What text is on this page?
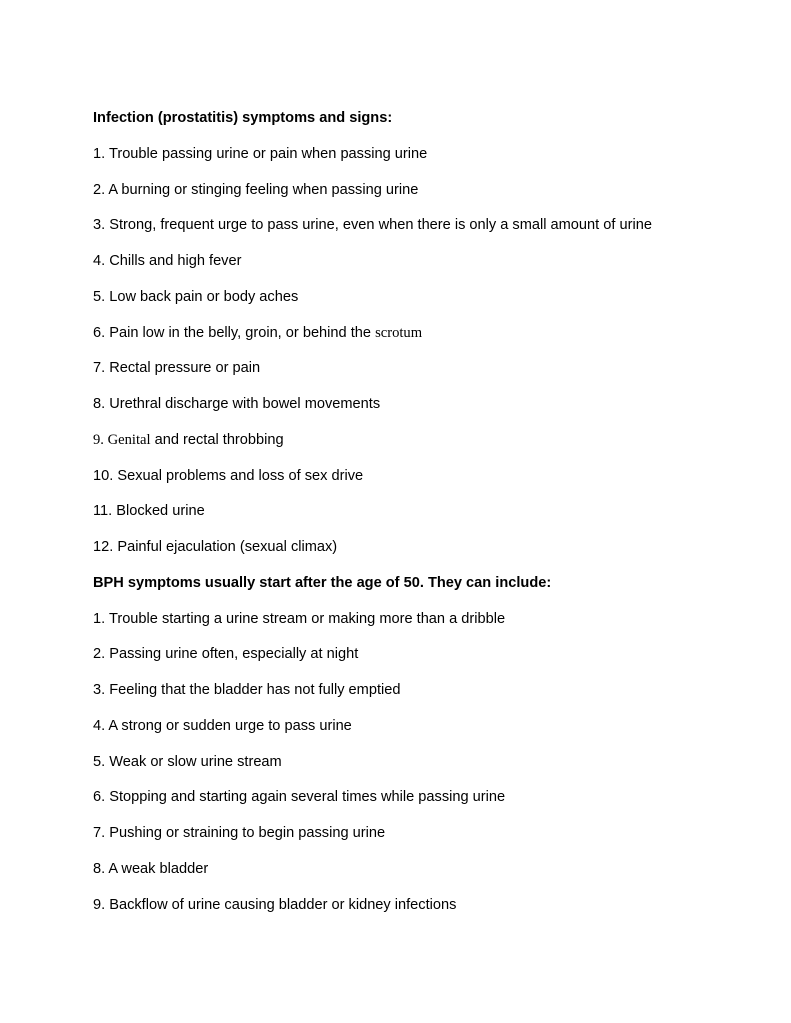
Infection (prostatitis) symptoms and signs:
1. Trouble passing urine or pain when passing urine
2. A burning or stinging feeling when passing urine
3. Strong, frequent urge to pass urine, even when there is only a small amount of urine
4. Chills and high fever
5. Low back pain or body aches
6. Pain low in the belly, groin, or behind the scrotum
7. Rectal pressure or pain
8. Urethral discharge with bowel movements
9. Genital and rectal throbbing
10. Sexual problems and loss of sex drive
11. Blocked urine
12. Painful ejaculation (sexual climax)
BPH symptoms usually start after the age of 50. They can include:
1. Trouble starting a urine stream or making more than a dribble
2. Passing urine often, especially at night
3. Feeling that the bladder has not fully emptied
4. A strong or sudden urge to pass urine
5. Weak or slow urine stream
6. Stopping and starting again several times while passing urine
7. Pushing or straining to begin passing urine
8. A weak bladder
9. Backflow of urine causing bladder or kidney infections
